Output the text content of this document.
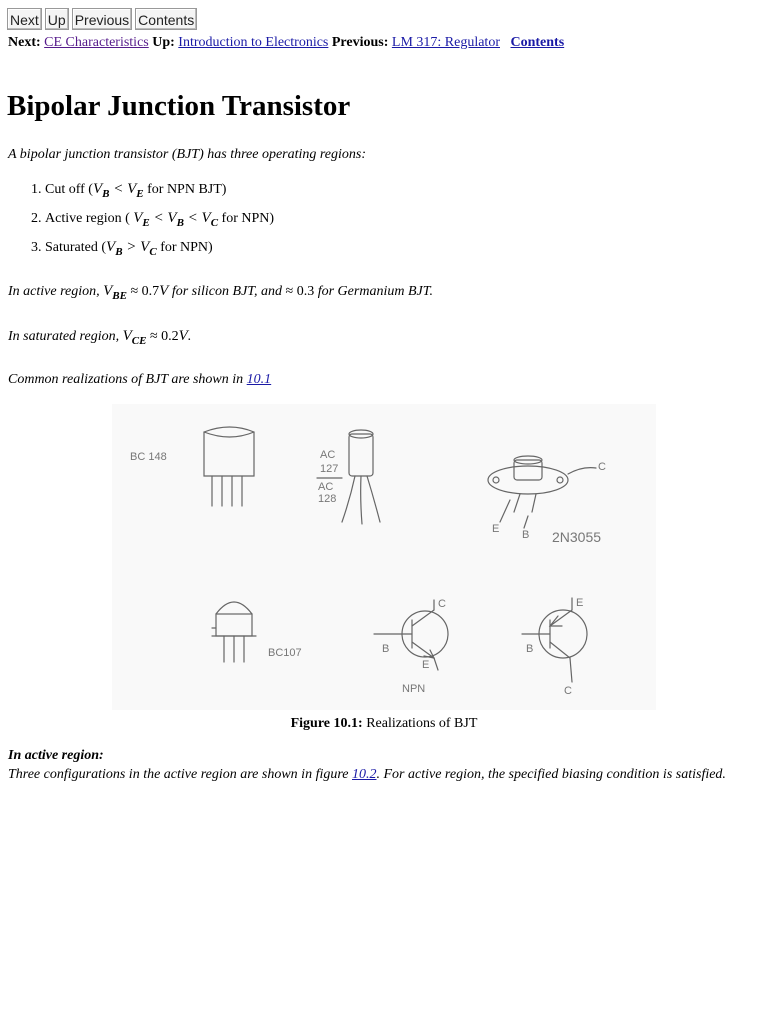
Next Up Previous Contents
Next: CE Characteristics Up: Introduction to Electronics Previous: LM 317: Regulator Contents
Bipolar Junction Transistor
A bipolar junction transistor (BJT) has three operating regions:
1. Cut off ($V_B < V_E$ for NPN BJT)
2. Active region ( $V_E < V_B < V_C$ for NPN)
3. Saturated ($V_B > V_C$ for NPN)
In active region, $V_{BE} \approx 0.7V$ for silicon BJT, and ≈ 0.3 for Germanium BJT.
In saturated region, $V_{CE} \approx 0.2V$.
Common realizations of BJT are shown in 10.1
BC 148	AC
127
AC
128
C
E B 2N3055
BC107
C
B
E
NPN
E
B
C
Figure 10.1: Realizations of BJT
In active region:
Three configurations in the active region are shown in figure 10.2. For active region, the specified biasing condition is satisfied.
